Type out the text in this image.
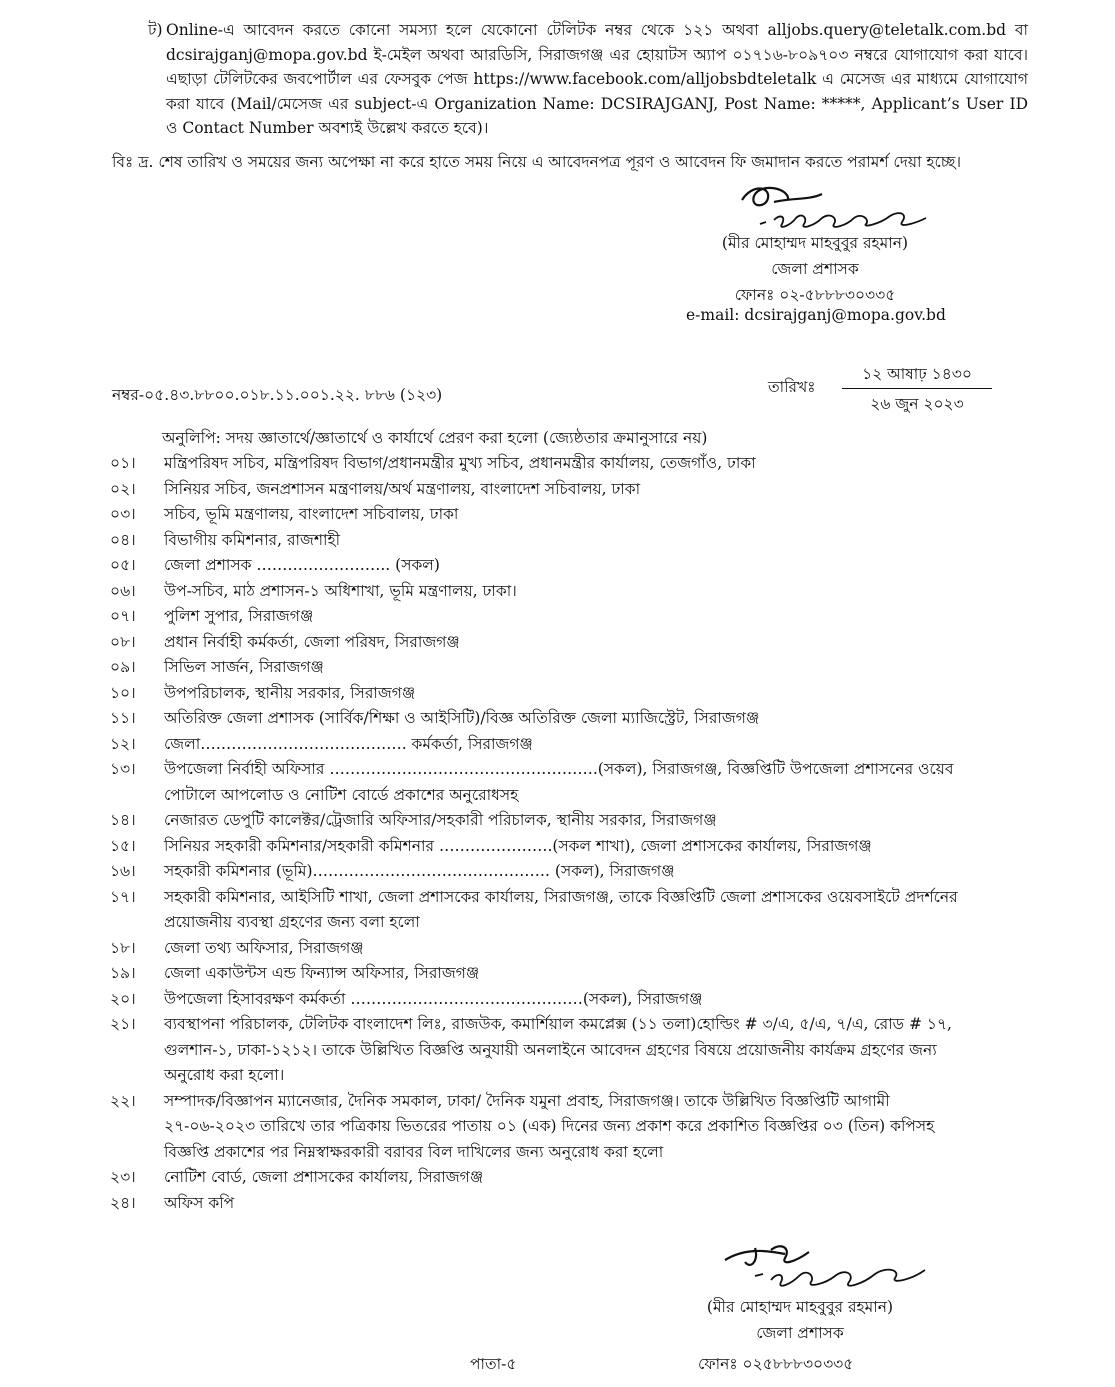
ট) Online-এ আবেদন করতে কোনো সমস্যা হলে যেকোনো টেলিটক নম্বর থেকে ১২১ অথবা alljobs.query@teletalk.com.bd বা dcsirajganj@mopa.gov.bd ই-মেইল অথবা আরডিসি, সিরাজগঞ্জ এর হোয়াটস অ্যাপ ০১৭১৬-৮০৯৭০৩ নম্বরে যোগাযোগ করা যাবে। এছাড়া টেলিটকের জবপোর্টাল এর ফেসবুক পেজ https://www.facebook.com/alljobsbdteletalk এ মেসেজ এর মাধ্যমে যোগাযোগ করা যাবে (Mail/মেসেজ এর subject-এ Organization Name: DCSIRAJGANJ, Post Name: *****, Applicant’s User ID ও Contact Number অবশ্যই উল্লেখ করতে হবে)।
বিঃ দ্র. শেষ তারিখ ও সময়ের জন্য অপেক্ষা না করে হাতে সময় নিয়ে এ আবেদনপত্র পূরণ ও আবেদন ফি জমাদান করতে পরামর্শ দেয়া হচ্ছে।
(মীর মোহাম্মদ মাহবুবুর রহমান)
জেলা প্রশাসক
ফোনঃ ০২-৫৮৮৮৩০৩৩৫
e-mail: dcsirajganj@mopa.gov.bd
নম্বর-০৫.৪৩.৮৮০০.০১৮.১১.০০১.২২. ৮৮৬ (১২৩)	তারিখঃ
১২ আষাঢ় ১৪৩০
২৬ জুন ২০২৩
অনুলিপি: সদয় জ্ঞাতার্থে/জ্ঞাতার্থে ও কার্যার্থে প্রেরণ করা হলো (জ্যেষ্ঠতার ক্রমানুসারে নয়)
০১।	মন্ত্রিপরিষদ সচিব, মন্ত্রিপরিষদ বিভাগ/প্রধানমন্ত্রীর মুখ্য সচিব, প্রধানমন্ত্রীর কার্যালয়, তেজগাঁও, ঢাকা
০২।	সিনিয়র সচিব, জনপ্রশাসন মন্ত্রণালয়/অর্থ মন্ত্রণালয়, বাংলাদেশ সচিবালয়, ঢাকা
০৩।	সচিব, ভূমি মন্ত্রণালয়, বাংলাদেশ সচিবালয়, ঢাকা
০৪।	বিভাগীয় কমিশনার, রাজশাহী
০৫।	জেলা প্রশাসক …………………….. (সকল)
০৬।	উপ-সচিব, মাঠ প্রশাসন-১ অধিশাখা, ভূমি মন্ত্রণালয়, ঢাকা।
০৭।	পুলিশ সুপার, সিরাজগঞ্জ
০৮।	প্রধান নির্বাহী কর্মকর্তা, জেলা পরিষদ, সিরাজগঞ্জ
০৯।	সিভিল সার্জন, সিরাজগঞ্জ
১০।	উপপরিচালক, স্থানীয় সরকার, সিরাজগঞ্জ
১১।	অতিরিক্ত জেলা প্রশাসক (সার্বিক/শিক্ষা ও আইসিটি)/বিজ্ঞ অতিরিক্ত জেলা ম্যাজিস্ট্রেট, সিরাজগঞ্জ
১২।	জেলা…………………………………. কর্মকর্তা, সিরাজগঞ্জ
১৩।	উপজেলা নির্বাহী অফিসার …………………………………………….(সকল), সিরাজগঞ্জ, বিজ্ঞপ্তিটি উপজেলা প্রশাসনের ওয়েব পোটালে আপলোড ও নোটিশ বোর্ডে প্রকাশের অনুরোধসহ
১৪।	নেজারত ডেপুটি কালেক্টর/ট্রেজারি অফিসার/সহকারী পরিচালক, স্থানীয় সরকার, সিরাজগঞ্জ
১৫।	সিনিয়র সহকারী কমিশনার/সহকারী কমিশনার ………………….(সকল শাখা), জেলা প্রশাসকের কার্যালয়, সিরাজগঞ্জ
১৬।	সহকারী কমিশনার (ভূমি)………………………………………. (সকল), সিরাজগঞ্জ
১৭।	সহকারী কমিশনার, আইসিটি শাখা, জেলা প্রশাসকের কার্যালয়, সিরাজগঞ্জ, তাকে বিজ্ঞপ্তিটি জেলা প্রশাসকের ওয়েবসাইটে প্রদর্শনের প্রয়োজনীয় ব্যবস্থা গ্রহণের জন্য বলা হলো
১৮।	জেলা তথ্য অফিসার, সিরাজগঞ্জ
১৯।	জেলা একাউন্টস এন্ড ফিন্যান্স অফিসার, সিরাজগঞ্জ
২০।	উপজেলা হিসাবরক্ষণ কর্মকর্তা ………………………………………(সকল), সিরাজগঞ্জ
২১।	ব্যবস্থাপনা পরিচালক, টেলিটক বাংলাদেশ লিঃ, রাজউক, কমার্শিয়াল কমপ্লেক্স (১১ তলা)হোল্ডিং # ৩/এ, ৫/এ, ৭/এ, রোড # ১৭, গুলশান-১, ঢাকা-১২১২। তাকে উল্লিখিত বিজ্ঞপ্তি অনুযায়ী অনলাইনে আবেদন গ্রহণের বিষয়ে প্রয়োজনীয় কার্যক্রম গ্রহণের জন্য অনুরোধ করা হলো।
২২।	সম্পাদক/বিজ্ঞাপন ম্যানেজার, দৈনিক সমকাল, ঢাকা/ দৈনিক যমুনা প্রবাহ, সিরাজগঞ্জ। তাকে উল্লিখিত বিজ্ঞপ্তিটি আগামী ২৭-০৬-২০২৩ তারিখে তার পত্রিকায় ভিতরের পাতায় ০১ (এক) দিনের জন্য প্রকাশ করে প্রকাশিত বিজ্ঞপ্তির ০৩ (তিন) কপিসহ বিজ্ঞপ্তি প্রকাশের পর নিম্নস্বাক্ষরকারী বরাবর বিল দাখিলের জন্য অনুরোধ করা হলো
২৩।	নোটিশ বোর্ড, জেলা প্রশাসকের কার্যালয়, সিরাজগঞ্জ
২৪।	অফিস কপি
(মীর মোহাম্মদ মাহবুবুর রহমান)
জেলা প্রশাসক
পাতা-৫	ফোনঃ ০২৫৮৮৮৩০৩৩৫
